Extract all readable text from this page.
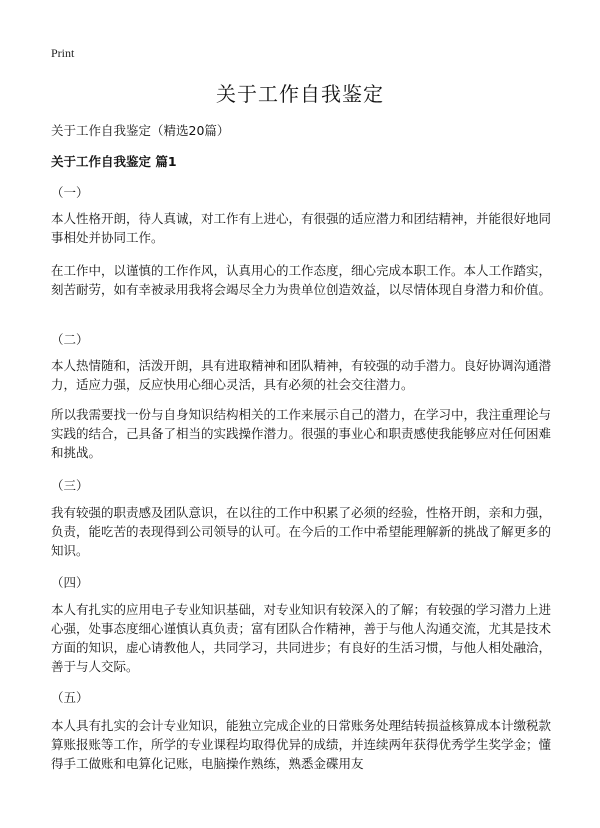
Print
关于工作自我鉴定

关于工作自我鉴定（精选20篇）

关于工作自我鉴定 篇1

（一）

本人性格开朗，待人真诚，对工作有上进心，有很强的适应潜力和团结精神，并能很好地同事相处并协同工作。

在工作中，以谨慎的工作作风，认真用心的工作态度，细心完成本职工作。本人工作踏实，刻苦耐劳，如有幸被录用我将会竭尽全力为贵单位创造效益，以尽情体现自身潜力和价值。

（二）

本人热情随和，活泼开朗，具有进取精神和团队精神，有较强的动手潜力。良好协调沟通潜力，适应力强，反应快用心细心灵活，具有必须的社会交往潜力。

所以我需要找一份与自身知识结构相关的工作来展示自己的潜力，在学习中，我注重理论与实践的结合，己具备了相当的实践操作潜力。很强的事业心和职责感使我能够应对任何困难和挑战。

（三）

我有较强的职责感及团队意识，在以往的工作中积累了必须的经验，性格开朗，亲和力强，负责，能吃苦的表现得到公司领导的认可。在今后的工作中希望能理解新的挑战了解更多的知识。

（四）

本人有扎实的应用电子专业知识基础，对专业知识有较深入的了解；有较强的学习潜力上进心强，处事态度细心谨慎认真负责；富有团队合作精神，善于与他人沟通交流，尤其是技术方面的知识，虚心请教他人，共同学习，共同进步；有良好的生活习惯，与他人相处融洽，善于与人交际。

（五）

本人具有扎实的会计专业知识，能独立完成企业的日常账务处理结转损益核算成本计缴税款算账报账等工作，所学的专业课程均取得优异的成绩，并连续两年获得优秀学生奖学金；懂得手工做账和电算化记账，电脑操作熟练，熟悉金碟用友
